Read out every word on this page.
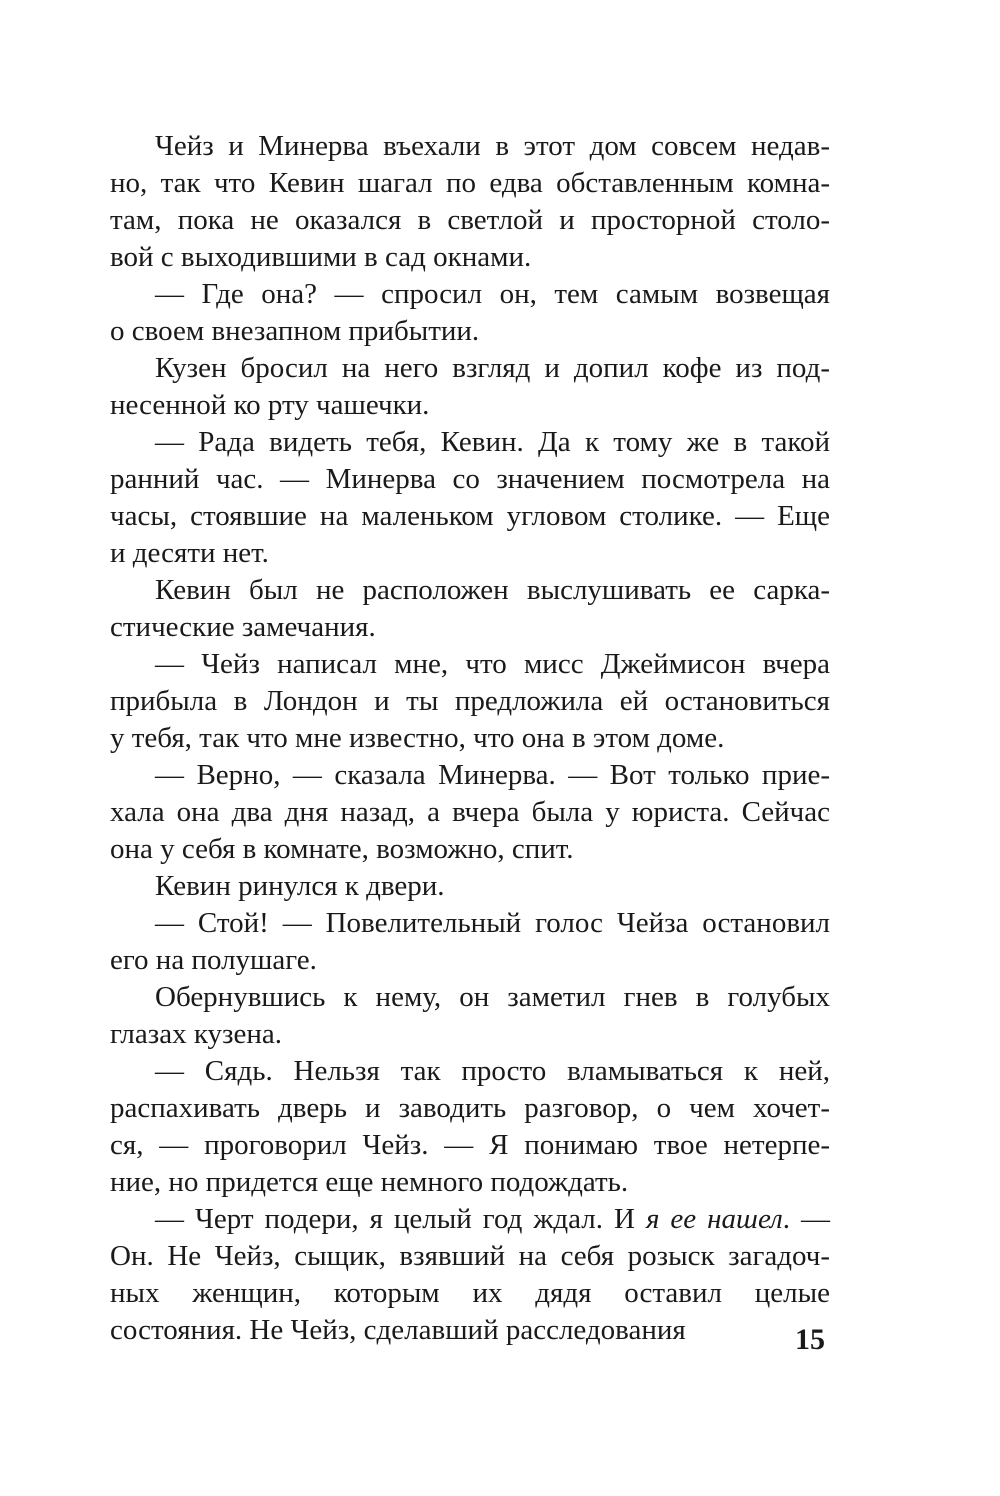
Чейз и Минерва въехали в этот дом совсем недав-

но, так что Кевин шагал по едва обставленным комна-

там, пока не оказался в светлой и просторной столо-

вой с выходившими в сад окнами.

— Где она? — спросил он, тем самым возвещая

о своем внезапном прибытии.

Кузен бросил на него взгляд и допил кофе из под-

несенной ко рту чашечки.

— Рада видеть тебя, Кевин. Да к тому же в такой

ранний час. — Минерва со значением посмотрела на

часы, стоявшие на маленьком угловом столике. — Еще

и десяти нет.

Кевин был не расположен выслушивать ее сарка-

стические замечания.

— Чейз написал мне, что мисс Джеймисон вчера

прибыла в Лондон и ты предложила ей остановиться

у тебя, так что мне известно, что она в этом доме.

— Верно, — сказала Минерва. — Вот только прие-

хала она два дня назад, а вчера была у юриста. Сейчас

она у себя в комнате, возможно, спит.

Кевин ринулся к двери.

— Стой! — Повелительный голос Чейза остановил

его на полушаге.

Обернувшись к нему, он заметил гнев в голубых

глазах кузена.

— Сядь. Нельзя так просто вламываться к ней,

распахивать дверь и заводить разговор, о чем хочет-

ся, — проговорил Чейз. — Я понимаю твое нетерпе-

ние, но придется еще немного подождать.

— Черт подери, я целый год ждал. И я ее нашел. —

Он. Не Чейз, сыщик, взявший на себя розыск загадоч-

ных женщин, которым их дядя оставил целые

состояния. Не Чейз, сделавший расследования	15
